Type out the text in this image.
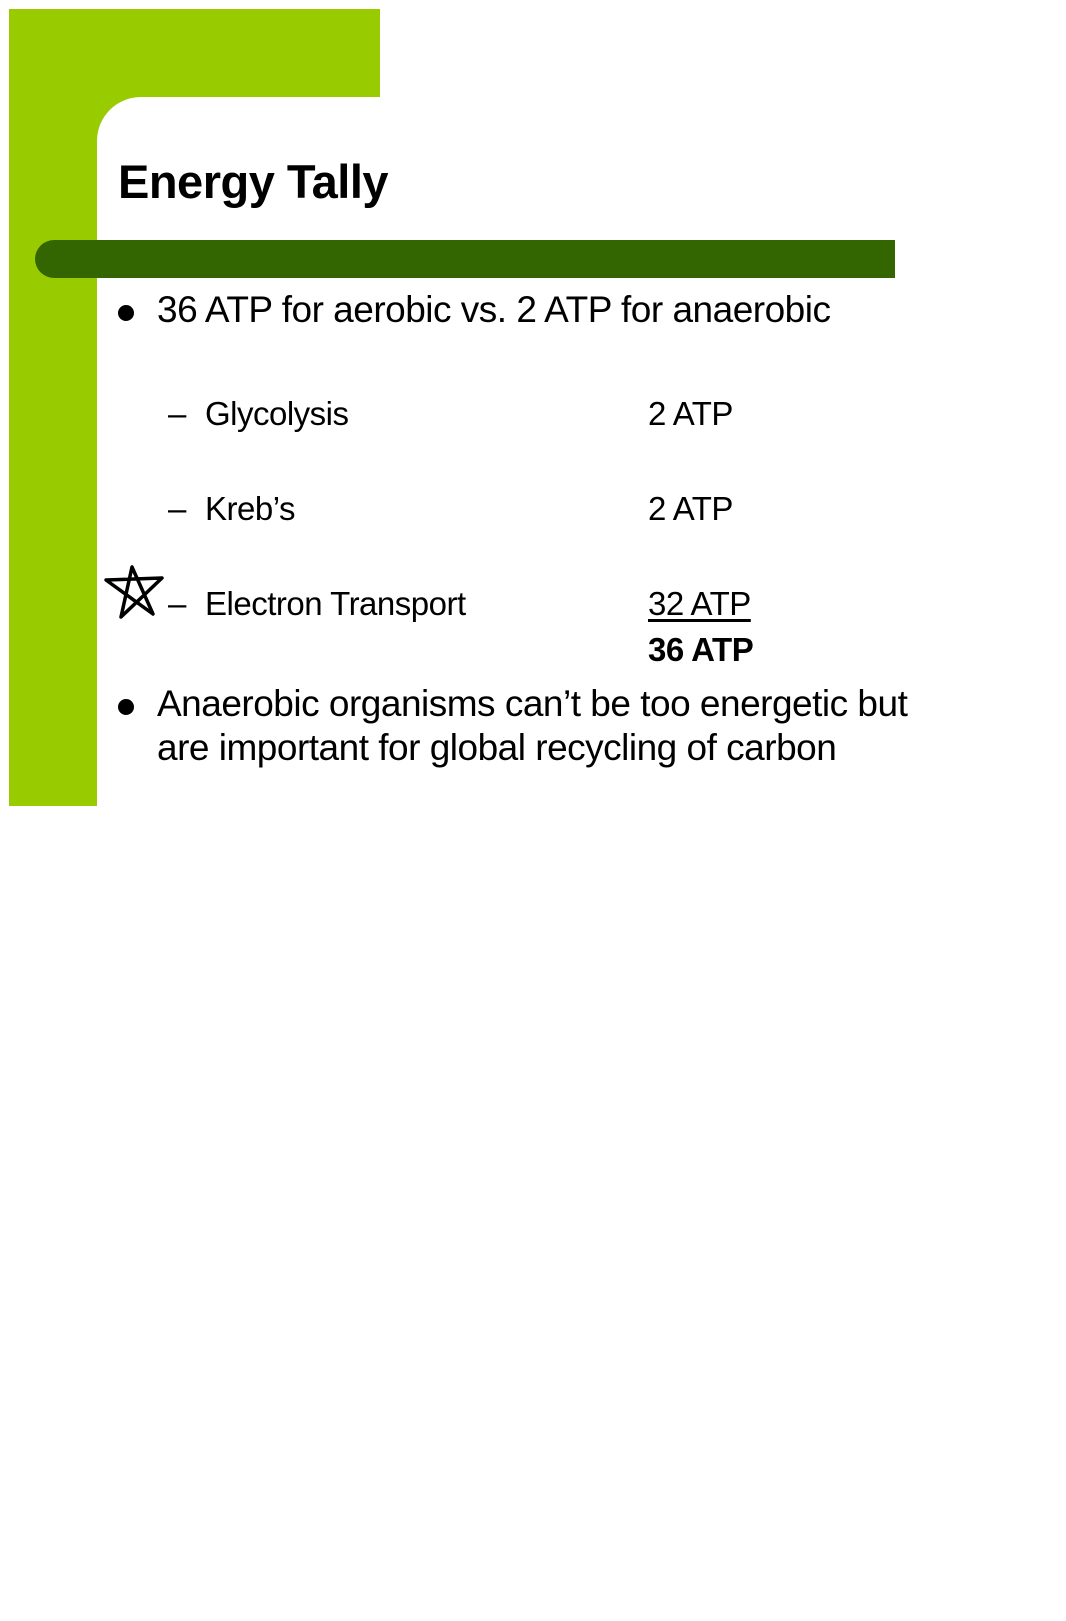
Energy Tally
36 ATP for aerobic vs. 2 ATP for anaerobic
– Glycolysis	2 ATP
– Kreb’s	2 ATP
– Electron Transport	32 ATP
36 ATP
Anaerobic organisms can’t be too energetic but
are important for global recycling of carbon
